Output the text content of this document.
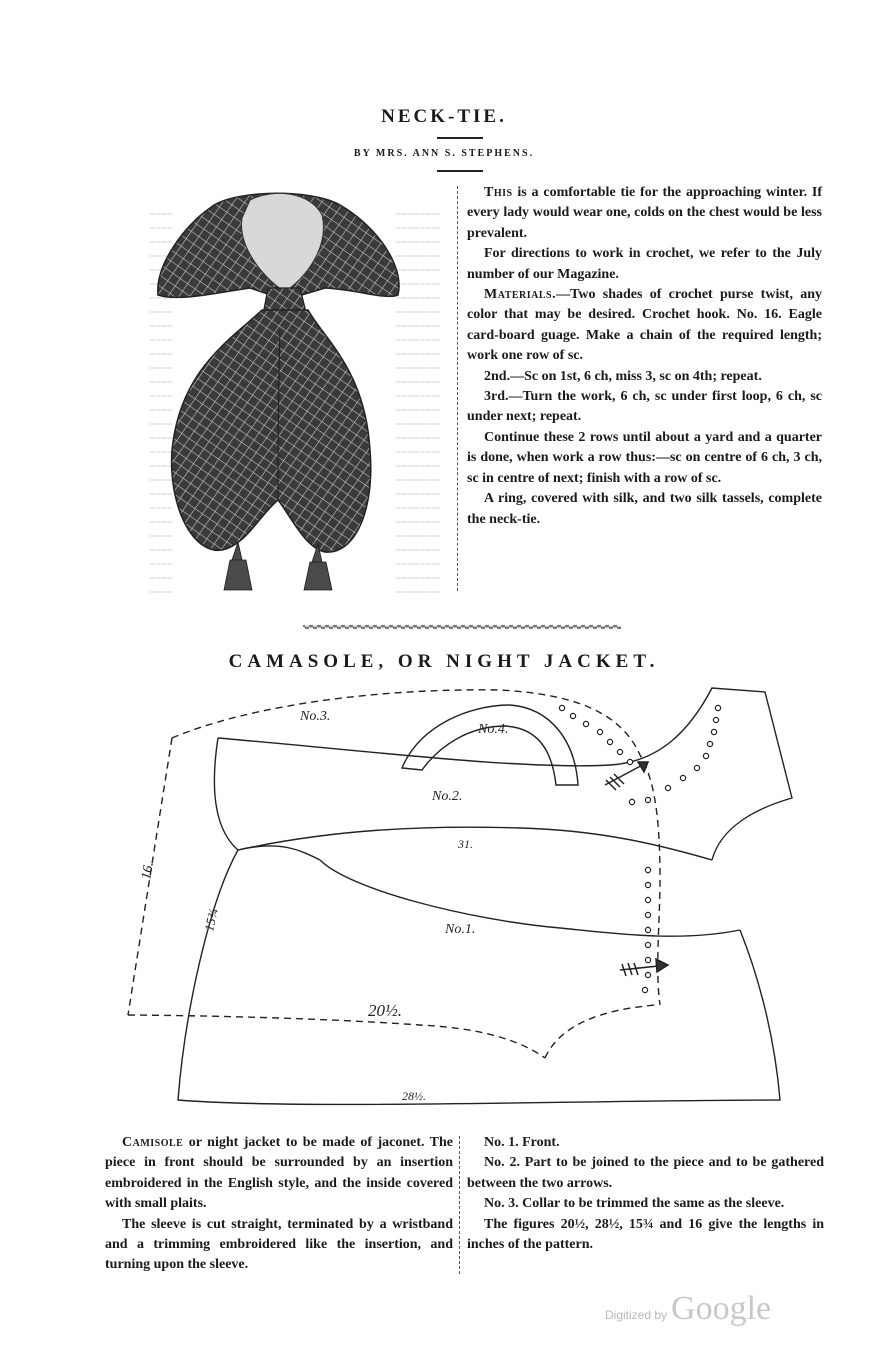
NECK-TIE.
BY MRS. ANN S. STEPHENS.

This is a comfortable tie for the approaching winter. If every lady would wear one, colds on the chest would be less prevalent.

For directions to work in crochet, we refer to the July number of our Magazine.

Materials.—Two shades of crochet purse twist, any color that may be desired. Crochet hook. No. 16. Eagle card-board guage. Make a chain of the required length; work one row of sc.

2nd.—Sc on 1st, 6 ch, miss 3, sc on 4th; repeat.

3rd.—Turn the work, 6 ch, sc under first loop, 6 ch, sc under next; repeat.

Continue these 2 rows until about a yard and a quarter is done, when work a row thus:—sc on centre of 6 ch, 3 ch, sc in centre of next; finish with a row of sc.

A ring, covered with silk, and two silk tassels, complete the neck-tie.

CAMASOLE, OR NIGHT JACKET.
No.3.
No.4.
No.2.
31.
No.1.
16.
15¾
20½.
28½.

Camisole or night jacket to be made of jaconet. The piece in front should be surrounded by an insertion embroidered in the English style, and the inside covered with small plaits.

The sleeve is cut straight, terminated by a wristband and a trimming embroidered like the insertion, and turning upon the sleeve.

No. 1. Front.

No. 2. Part to be joined to the piece and to be gathered between the two arrows.

No. 3. Collar to be trimmed the same as the sleeve.

The figures 20½, 28½, 15¾ and 16 give the lengths in inches of the pattern.

Digitized by Google
